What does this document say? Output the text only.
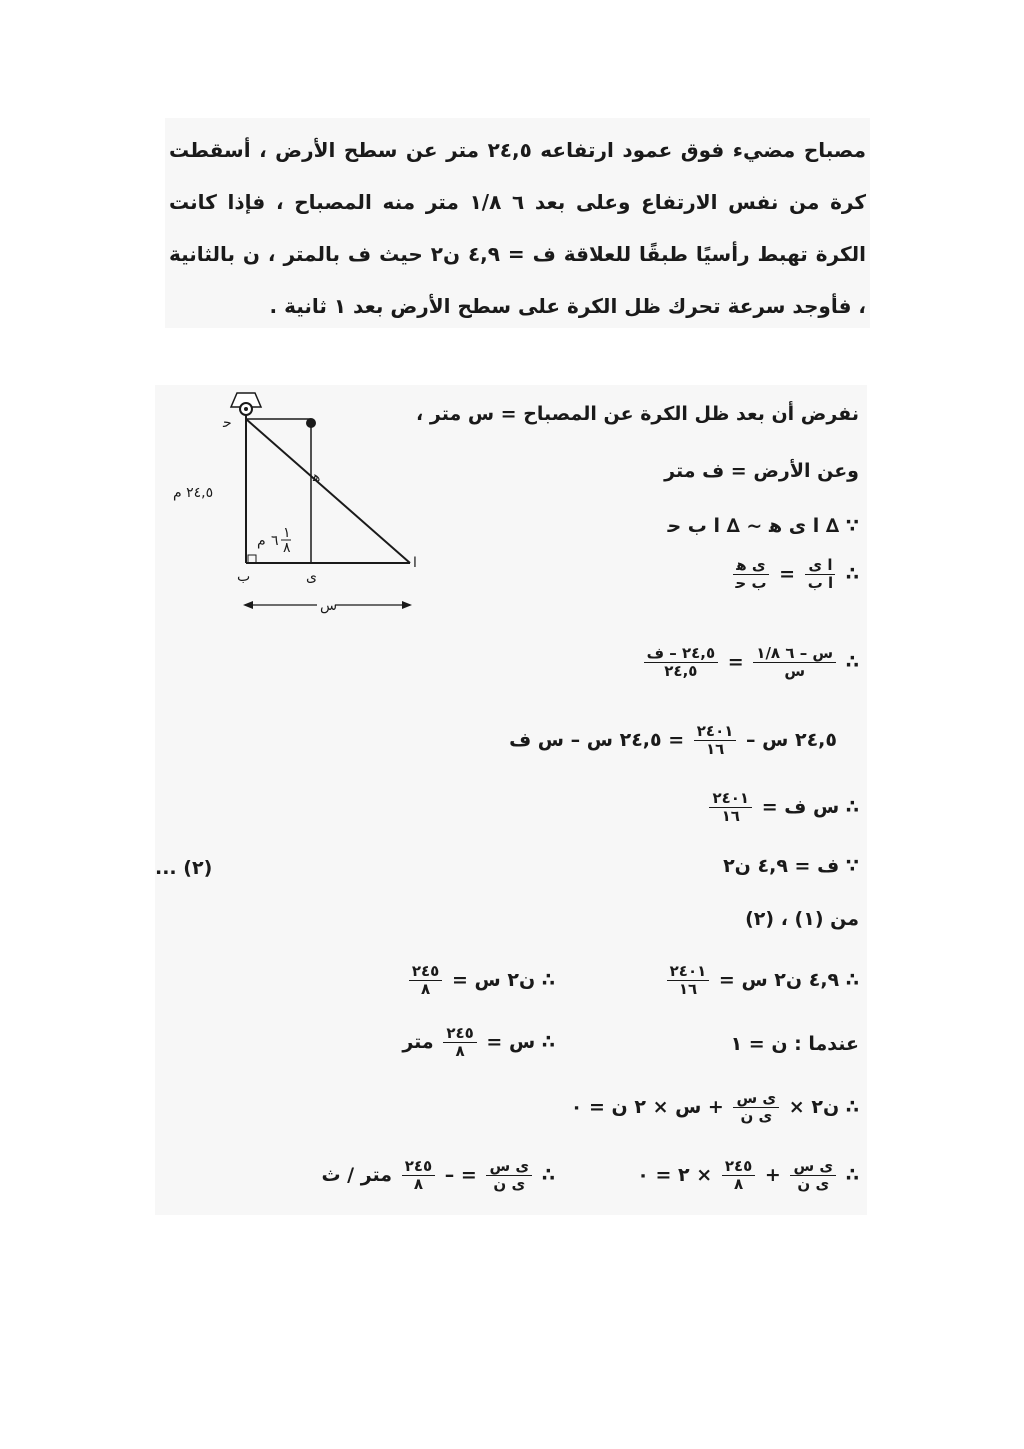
مصباح مضيء فوق عمود ارتفاعه ٢٤,٥ متر عن سطح الأرض ، أسقطت كرة من نفس الارتفاع وعلى بعد ٦ ١/٨ متر منه المصباح ، فإذا كانت الكرة تهبط رأسيًا طبقًا للعلاقة ف = ٤,٩ ن٢ حيث ف بالمتر ، ن بالثانية ، فأوجد سرعة تحرك ظل الكرة على سطح الأرض بعد ١ ثانية .

ﺣ
ﻫ
ا
ب	ﯼ
٢٤,٥ م
س
م ٦ ١
٨
نفرض أن بعد ظل الكرة عن المصباح = س متر ،
وعن الأرض = ف متر
∵ ∆ ا ى ﻫ ~ ∆ ا ب ﺣ
∴
$\frac{\text{ا ى}}{\text{ا ب}}$
=
$\frac{\text{ى ﻫ}}{\text{ب ﺣ}}$
∴
$\frac{\text{س – ٦ ١/٨}}{\text{س}}$
=
$\frac{\text{٢٤,٥ – ف}}{٢٤,٥}$
٢٤,٥ س –
$\frac{٢٤٠١}{١٦}$
= ٢٤,٥ س – س ف
∴ س ف =
$\frac{٢٤٠١}{١٦}$
∵ ف = ٤,٩ ن٢
(٢) ...
من (١) ، (٢)
∴ ٤,٩ ن٢ س =
$\frac{٢٤٠١}{١٦}$
∴ ن٢ س =
$\frac{٢٤٥}{٨}$
عندما : ن = ١
∴ س =
$\frac{٢٤٥}{٨}$
متر
∴ ن٢ ×
$\frac{\text{ى س}}{\text{ى ﻥ}}$
+ س × ٢ ن = ٠
∴
$\frac{\text{ى س}}{\text{ى ﻥ}}$
+
$\frac{٢٤٥}{٨}$
× ٢ = ٠
∴
$\frac{\text{ى س}}{\text{ى ﻥ}}$
= –
$\frac{٢٤٥}{٨}$
متر / ث
